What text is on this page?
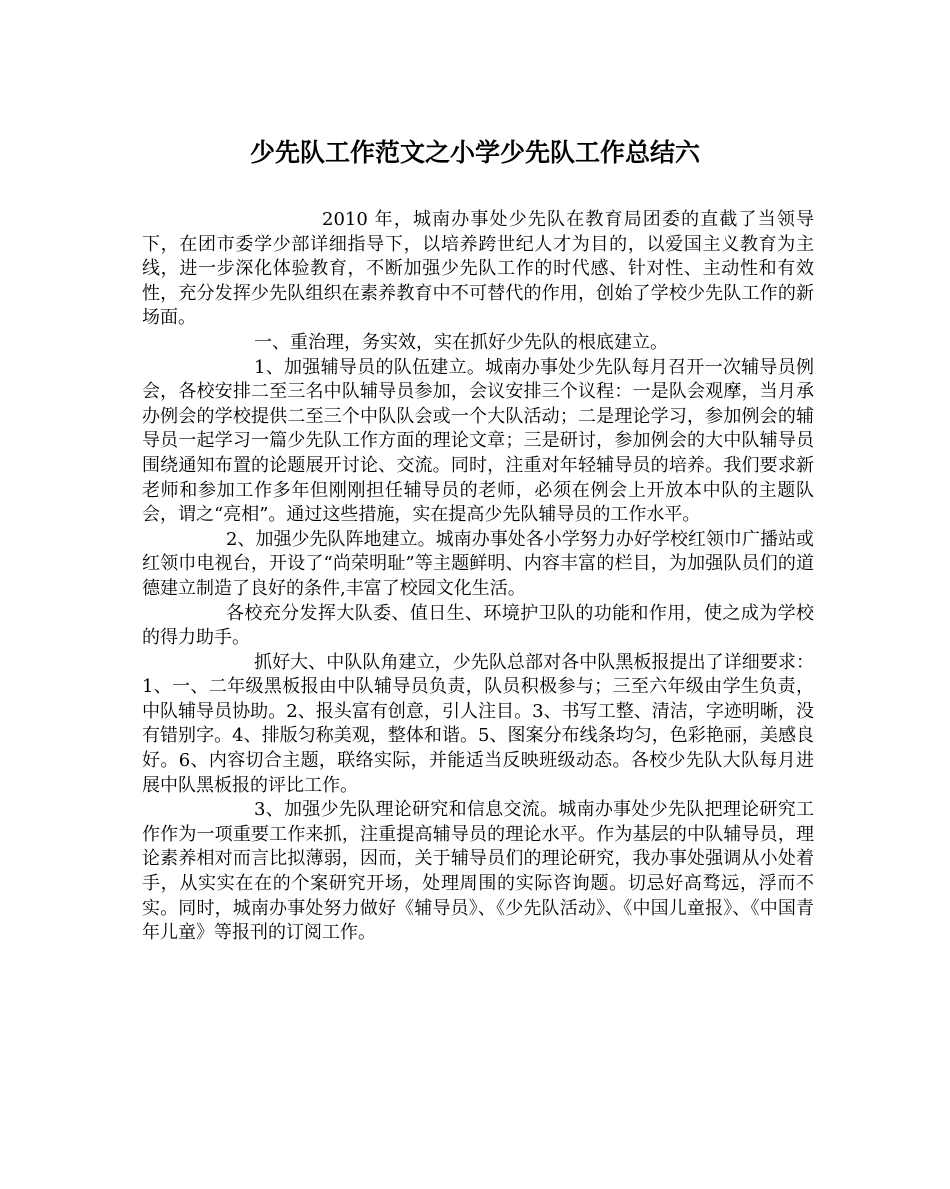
少先队工作范文之小学少先队工作总结六

2010 年，城南办事处少先队在教育局团委的直截了当领导下，在团市委学少部详细指导下，以培养跨世纪人才为目的，以爱国主义教育为主线，进一步深化体验教育，不断加强少先队工作的时代感、针对性、主动性和有效性，充分发挥少先队组织在素养教育中不可替代的作用，创始了学校少先队工作的新场面。

一、重治理，务实效，实在抓好少先队的根底建立。

1、加强辅导员的队伍建立。城南办事处少先队每月召开一次辅导员例会，各校安排二至三名中队辅导员参加，会议安排三个议程：一是队会观摩，当月承办例会的学校提供二至三个中队队会或一个大队活动；二是理论学习，参加例会的辅导员一起学习一篇少先队工作方面的理论文章；三是研讨，参加例会的大中队辅导员围绕通知布置的论题展开讨论、交流。同时，注重对年轻辅导员的培养。我们要求新老师和参加工作多年但刚刚担任辅导员的老师，必须在例会上开放本中队的主题队会，谓之“亮相”。通过这些措施，实在提高少先队辅导员的工作水平。

2、加强少先队阵地建立。城南办事处各小学努力办好学校红领巾广播站或红领巾电视台，开设了“尚荣明耻”等主题鲜明、内容丰富的栏目，为加强队员们的道德建立制造了良好的条件,丰富了校园文化生活。

各校充分发挥大队委、值日生、环境护卫队的功能和作用，使之成为学校的得力助手。

抓好大、中队队角建立，少先队总部对各中队黑板报提出了详细要求：1、一、二年级黑板报由中队辅导员负责，队员积极参与；三至六年级由学生负责，中队辅导员协助。2、报头富有创意，引人注目。3、书写工整、清洁，字迹明晰，没有错别字。4、排版匀称美观，整体和谐。5、图案分布线条均匀，色彩艳丽，美感良好。6、内容切合主题，联络实际，并能适当反映班级动态。各校少先队大队每月进展中队黑板报的评比工作。

3、加强少先队理论研究和信息交流。城南办事处少先队把理论研究工作作为一项重要工作来抓，注重提高辅导员的理论水平。作为基层的中队辅导员，理论素养相对而言比拟薄弱，因而，关于辅导员们的理论研究，我办事处强调从小处着手，从实实在在的个案研究开场，处理周围的实际咨询题。切忌好高骛远，浮而不实。同时，城南办事处努力做好《辅导员》、《少先队活动》、《中国儿童报》、《中国青年儿童》等报刊的订阅工作。
